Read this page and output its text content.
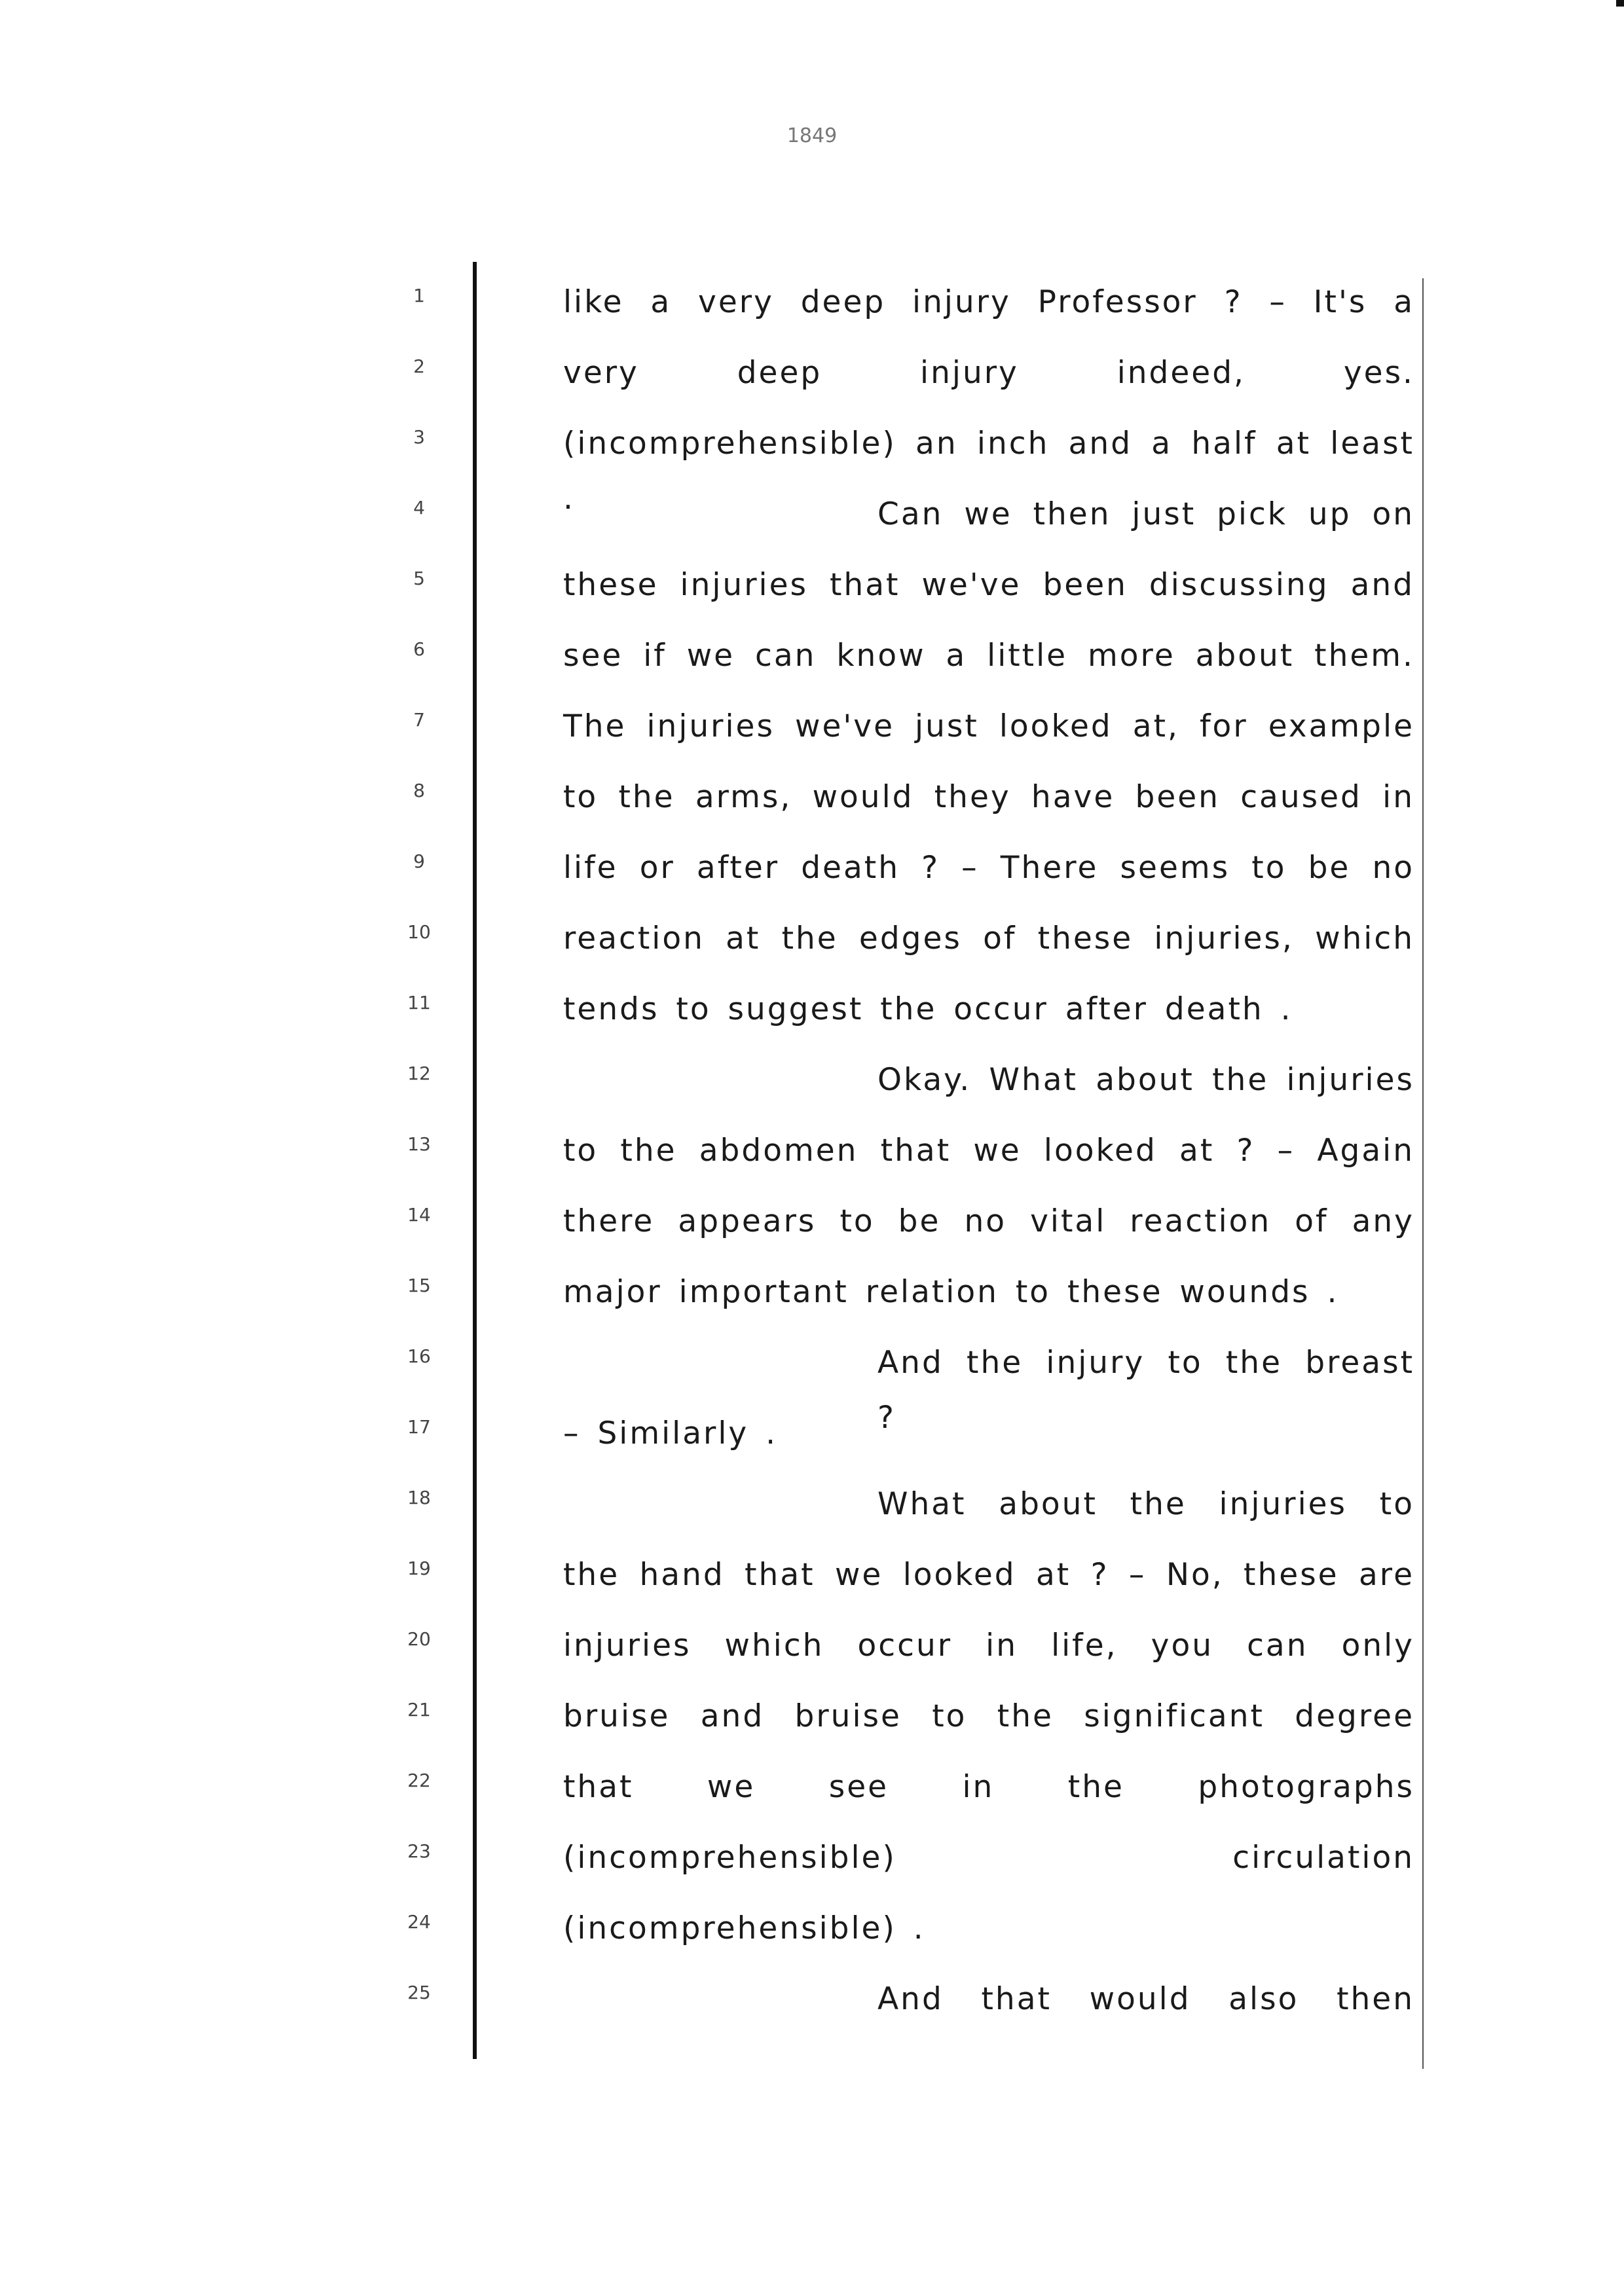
1849
1
2
3
4
5
6
7
8
9
10
11
12
13
14
15
16
17
18
19
20
21
22
23
24
25
like a very deep injury Professor ? – It's a
very deep injury indeed, yes.
(incomprehensible) an inch and a half at least .	Can we then just pick up on
these injuries that we've been discussing and
see if we can know a little more about them.
The injuries we've just looked at, for example
to the arms, would they have been caused in
life or after death ? – There seems to be no
reaction at the edges of these injuries, which
tends to suggest the occur after death .
Okay. What about the injuries
to the abdomen that we looked at ? – Again
there appears to be no vital reaction of any
major important relation to these wounds .
And the injury to the breast ?
– Similarly .
What about the injuries to
the hand that we looked at ? – No, these are
injuries which occur in life, you can only
bruise and bruise to the significant degree
that we see in the photographs
(incomprehensible) circulation
(incomprehensible) .
And that would also then
